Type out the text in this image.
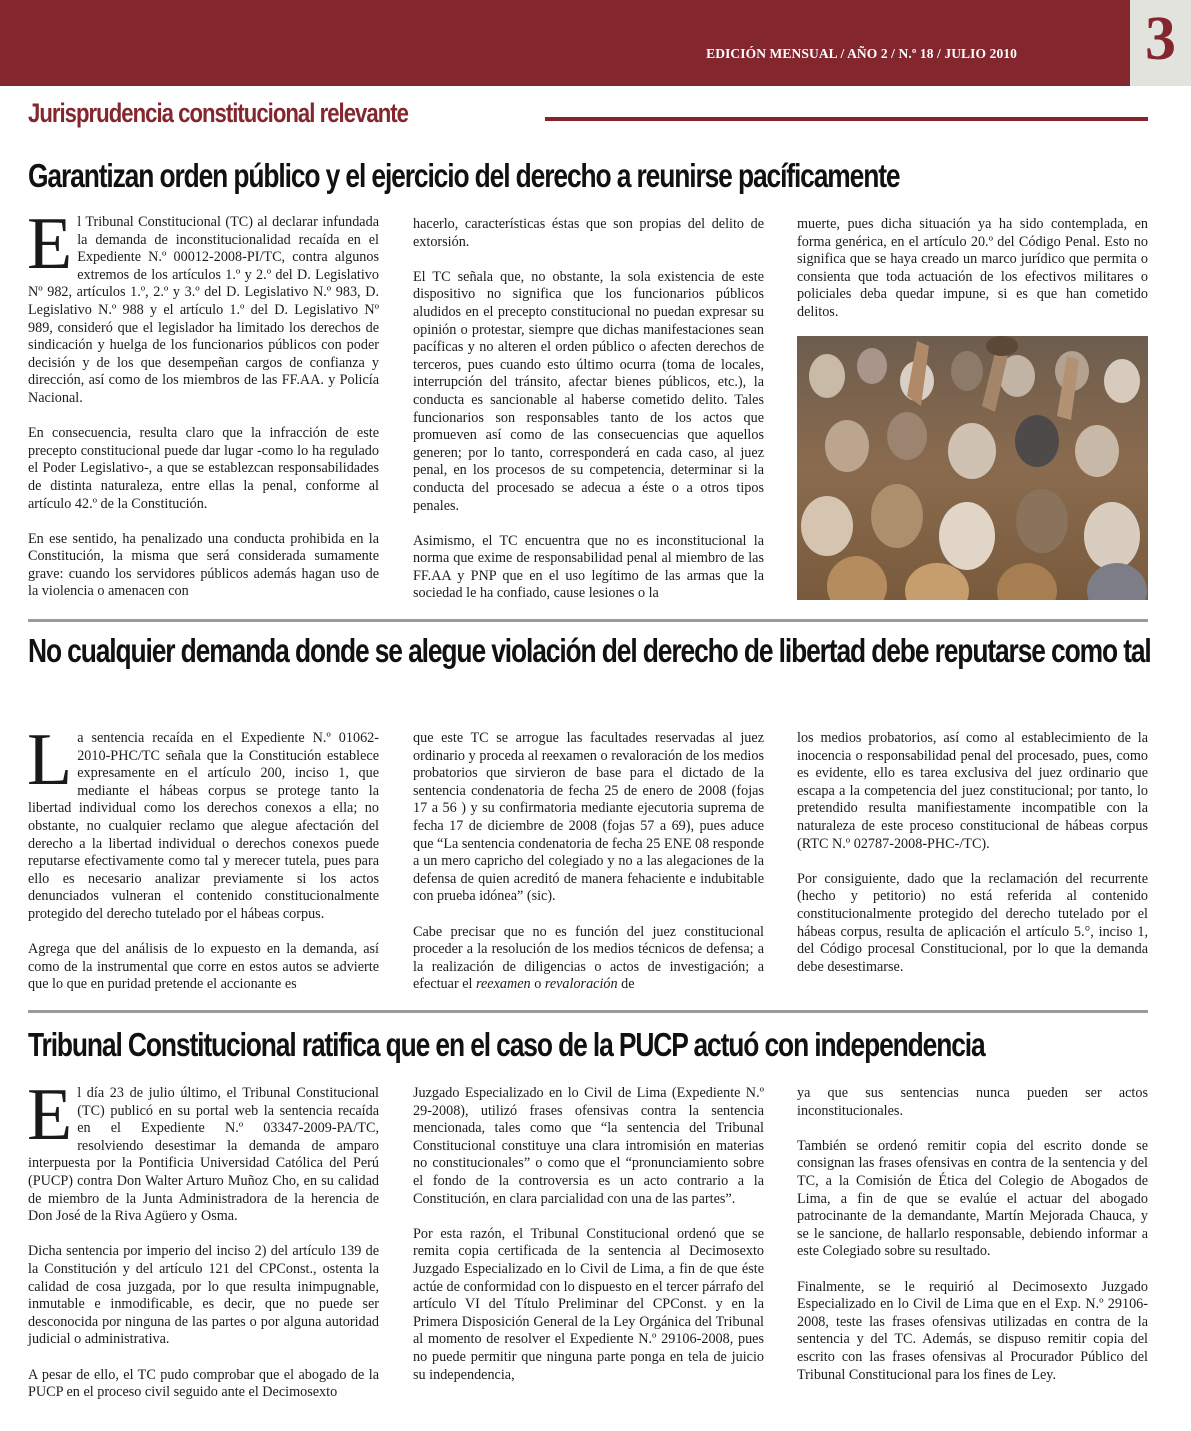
EDICIÓN MENSUAL / AÑO 2 / N.º 18 / JULIO 2010 3
Jurisprudencia constitucional relevante
Garantizan orden público y el ejercicio del derecho a reunirse pacíficamente

El Tribunal Constitucional (TC) al declarar infundada la demanda de inconstitucionalidad recaída en el Expediente N.º 00012-2008-PI/TC, contra algunos extremos de los artículos 1.º y 2.º del D. Legislativo Nº 982, artículos 1.º, 2.º y 3.º del D. Legislativo N.º 983, D. Legislativo N.º 988 y el artículo 1.º del D. Legislativo Nº 989, consideró que el legislador ha limitado los derechos de sindicación y huelga de los funcionarios públicos con poder decisión y de los que desempeñan cargos de confianza y dirección, así como de los miembros de las FF.AA. y Policía Nacional.

En consecuencia, resulta claro que la infracción de este precepto constitucional puede dar lugar -como lo ha regulado el Poder Legislativo-, a que se establezcan responsabilidades de distinta naturaleza, entre ellas la penal, conforme al artículo 42.º de la Constitución.

En ese sentido, ha penalizado una conducta prohibida en la Constitución, la misma que será considerada sumamente grave: cuando los servidores públicos además hagan uso de la violencia o amenacen con

hacerlo, características éstas que son propias del delito de extorsión.

El TC señala que, no obstante, la sola existencia de este dispositivo no significa que los funcionarios públicos aludidos en el precepto constitucional no puedan expresar su opinión o protestar, siempre que dichas manifestaciones sean pacíficas y no alteren el orden público o afecten derechos de terceros, pues cuando esto último ocurra (toma de locales, interrupción del tránsito, afectar bienes públicos, etc.), la conducta es sancionable al haberse cometido delito. Tales funcionarios son responsables tanto de los actos que promueven así como de las consecuencias que aquellos generen; por lo tanto, corresponderá en cada caso, al juez penal, en los procesos de su competencia, determinar si la conducta del procesado se adecua a éste o a otros tipos penales.

Asimismo, el TC encuentra que no es inconstitucional la norma que exime de responsabilidad penal al miembro de las FF.AA y PNP que en el uso legítimo de las armas que la sociedad le ha confiado, cause lesiones o la

muerte, pues dicha situación ya ha sido contemplada, en forma genérica, en el artículo 20.º del Código Penal. Esto no significa que se haya creado un marco jurídico que permita o consienta que toda actuación de los efectivos militares o policiales deba quedar impune, si es que han cometido delitos.

No cualquier demanda donde se alegue violación del derecho de libertad debe reputarse como tal

La sentencia recaída en el Expediente N.º 01062-2010-PHC/TC señala que la Constitución establece expresamente en el artículo 200, inciso 1, que mediante el hábeas corpus se protege tanto la libertad individual como los derechos conexos a ella; no obstante, no cualquier reclamo que alegue afectación del derecho a la libertad individual o derechos conexos puede reputarse efectivamente como tal y merecer tutela, pues para ello es necesario analizar previamente si los actos denunciados vulneran el contenido constitucionalmente protegido del derecho tutelado por el hábeas corpus.

Agrega que del análisis de lo expuesto en la demanda, así como de la instrumental que corre en estos autos se advierte que lo que en puridad pretende el accionante es

que este TC se arrogue las facultades reservadas al juez ordinario y proceda al reexamen o revaloración de los medios probatorios que sirvieron de base para el dictado de la sentencia condenatoria de fecha 25 de enero de 2008 (fojas 17 a 56 ) y su confirmatoria mediante ejecutoria suprema de fecha 17 de diciembre de 2008 (fojas 57 a 69), pues aduce que “La sentencia condenatoria de fecha 25 ENE 08 responde a un mero capricho del colegiado y no a las alegaciones de la defensa de quien acreditó de manera fehaciente e indubitable con prueba idónea” (sic).

Cabe precisar que no es función del juez constitucional proceder a la resolución de los medios técnicos de defensa; a la realización de diligencias o actos de investigación; a efectuar el reexamen o revaloración de

los medios probatorios, así como al establecimiento de la inocencia o responsabilidad penal del procesado, pues, como es evidente, ello es tarea exclusiva del juez ordinario que escapa a la competencia del juez constitucional; por tanto, lo pretendido resulta manifiestamente incompatible con la naturaleza de este proceso constitucional de hábeas corpus (RTC N.º 02787-2008-PHC-/TC).

Por consiguiente, dado que la reclamación del recurrente (hecho y petitorio) no está referida al contenido constitucionalmente protegido del derecho tutelado por el hábeas corpus, resulta de aplicación el artículo 5.°, inciso 1, del Código procesal Constitucional, por lo que la demanda debe desestimarse.

Tribunal Constitucional ratifica que en el caso de la PUCP actuó con independencia

El día 23 de julio último, el Tribunal Constitucional (TC) publicó en su portal web la sentencia recaída en el Expediente N.º 03347-2009-PA/TC, resolviendo desestimar la demanda de amparo interpuesta por la Pontificia Universidad Católica del Perú (PUCP) contra Don Walter Arturo Muñoz Cho, en su calidad de miembro de la Junta Administradora de la herencia de Don José de la Riva Agüero y Osma.

Dicha sentencia por imperio del inciso 2) del artículo 139 de la Constitución y del artículo 121 del CPConst., ostenta la calidad de cosa juzgada, por lo que resulta inimpugnable, inmutable e inmodificable, es decir, que no puede ser desconocida por ninguna de las partes o por alguna autoridad judicial o administrativa.

A pesar de ello, el TC pudo comprobar que el abogado de la PUCP en el proceso civil seguido ante el Decimosexto

Juzgado Especializado en lo Civil de Lima (Expediente N.º 29-2008), utilizó frases ofensivas contra la sentencia mencionada, tales como que “la sentencia del Tribunal Constitucional constituye una clara intromisión en materias no constitucionales” o como que el “pronunciamiento sobre el fondo de la controversia es un acto contrario a la Constitución, en clara parcialidad con una de las partes”.

Por esta razón, el Tribunal Constitucional ordenó que se remita copia certificada de la sentencia al Decimosexto Juzgado Especializado en lo Civil de Lima, a fin de que éste actúe de conformidad con lo dispuesto en el tercer párrafo del artículo VI del Título Preliminar del CPConst. y en la Primera Disposición General de la Ley Orgánica del Tribunal al momento de resolver el Expediente N.º 29106-2008, pues no puede permitir que ninguna parte ponga en tela de juicio su independencia,

ya que sus sentencias nunca pueden ser actos inconstitucionales.

También se ordenó remitir copia del escrito donde se consignan las frases ofensivas en contra de la sentencia y del TC, a la Comisión de Ética del Colegio de Abogados de Lima, a fin de que se evalúe el actuar del abogado patrocinante de la demandante, Martín Mejorada Chauca, y se le sancione, de hallarlo responsable, debiendo informar a este Colegiado sobre su resultado.

Finalmente, se le requirió al Decimosexto Juzgado Especializado en lo Civil de Lima que en el Exp. N.º 29106-2008, teste las frases ofensivas utilizadas en contra de la sentencia y del TC. Además, se dispuso remitir copia del escrito con las frases ofensivas al Procurador Público del Tribunal Constitucional para los fines de Ley.
